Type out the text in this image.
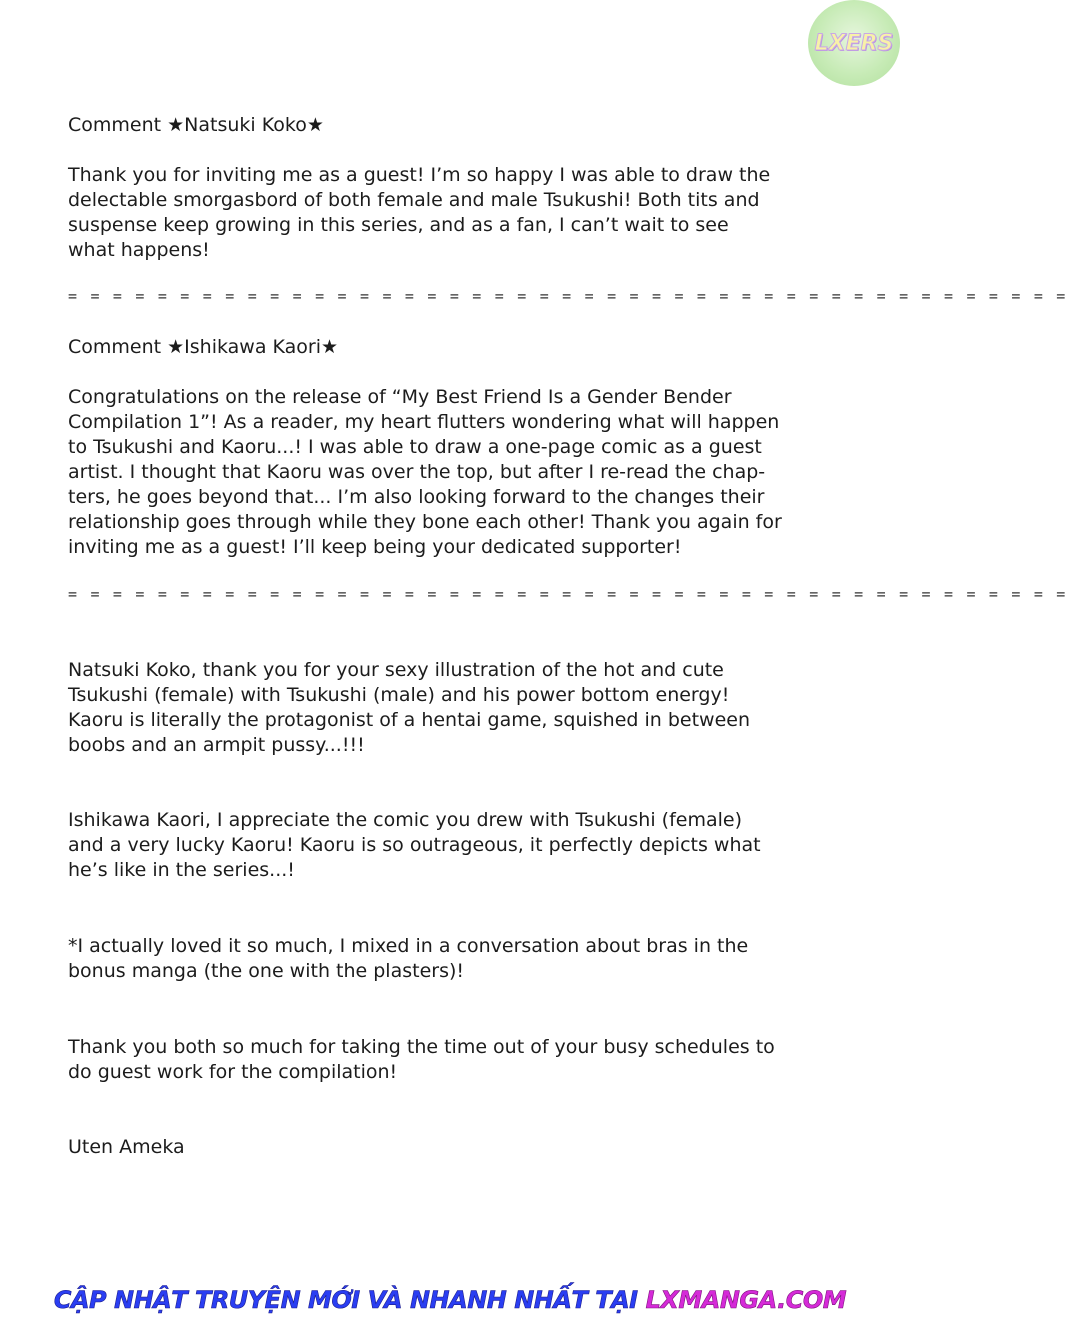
LXERS
Comment ★Natsuki Koko★
Thank you for inviting me as a guest! I’m so happy I was able to draw the
delectable smorgasbord of both female and male Tsukushi! Both tits and
suspense keep growing in this series, and as a fan, I can’t wait to see
what happens!
= = = = = = = = = = = = = = = = = = = = = = = = = = = = = = = = = = = = = = = = = = = = =
Comment ★Ishikawa Kaori★
Congratulations on the release of “My Best Friend Is a Gender Bender
Compilation 1”! As a reader, my heart flutters wondering what will happen
to Tsukushi and Kaoru...! I was able to draw a one-page comic as a guest
artist. I thought that Kaoru was over the top, but after I re-read the chap-
ters, he goes beyond that... I’m also looking forward to the changes their
relationship goes through while they bone each other! Thank you again for
inviting me as a guest! I’ll keep being your dedicated supporter!
= = = = = = = = = = = = = = = = = = = = = = = = = = = = = = = = = = = = = = = = = = = = =
Natsuki Koko, thank you for your sexy illustration of the hot and cute
Tsukushi (female) with Tsukushi (male) and his power bottom energy!
Kaoru is literally the protagonist of a hentai game, squished in between
boobs and an armpit pussy...!!!
Ishikawa Kaori, I appreciate the comic you drew with Tsukushi (female)
and a very lucky Kaoru! Kaoru is so outrageous, it perfectly depicts what
he’s like in the series...!
*I actually loved it so much, I mixed in a conversation about bras in the
bonus manga (the one with the plasters)!
Thank you both so much for taking the time out of your busy schedules to
do guest work for the compilation!
Uten Ameka
CẬP NHẬT TRUYỆN MỚI VÀ NHANH NHẤT TẠI LXMANGA.COM
